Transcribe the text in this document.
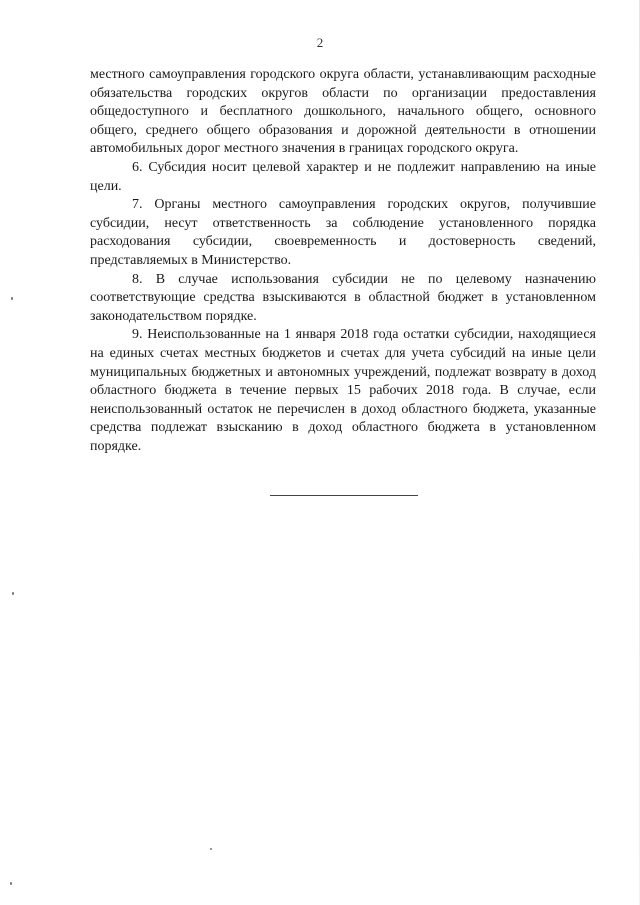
2

местного самоуправления городского округа области, устанавливающим расходные обязательства городских округов области по организации предоставления общедоступного и бесплатного дошкольного, начального общего, основного общего, среднего общего образования и дорожной деятельности в отношении автомобильных дорог местного значения в границах городского округа.

6. Субсидия носит целевой характер и не подлежит направлению на иные цели.

7. Органы местного самоуправления городских округов, получившие субсидии, несут ответственность за соблюдение установленного порядка расходования субсидии, своевременность и достоверность сведений, представляемых в Министерство.

8. В случае использования субсидии не по целевому назначению соответствующие средства взыскиваются в областной бюджет в установленном законодательством порядке.

9. Неиспользованные на 1 января 2018 года остатки субсидии, находящиеся на единых счетах местных бюджетов и счетах для учета субсидий на иные цели муниципальных бюджетных и автономных учреждений, подлежат возврату в доход областного бюджета в течение первых 15 рабочих 2018 года. В случае, если неиспользованный остаток не перечислен в доход областного бюджета, указанные средства подлежат взысканию в доход областного бюджета в установленном порядке.
